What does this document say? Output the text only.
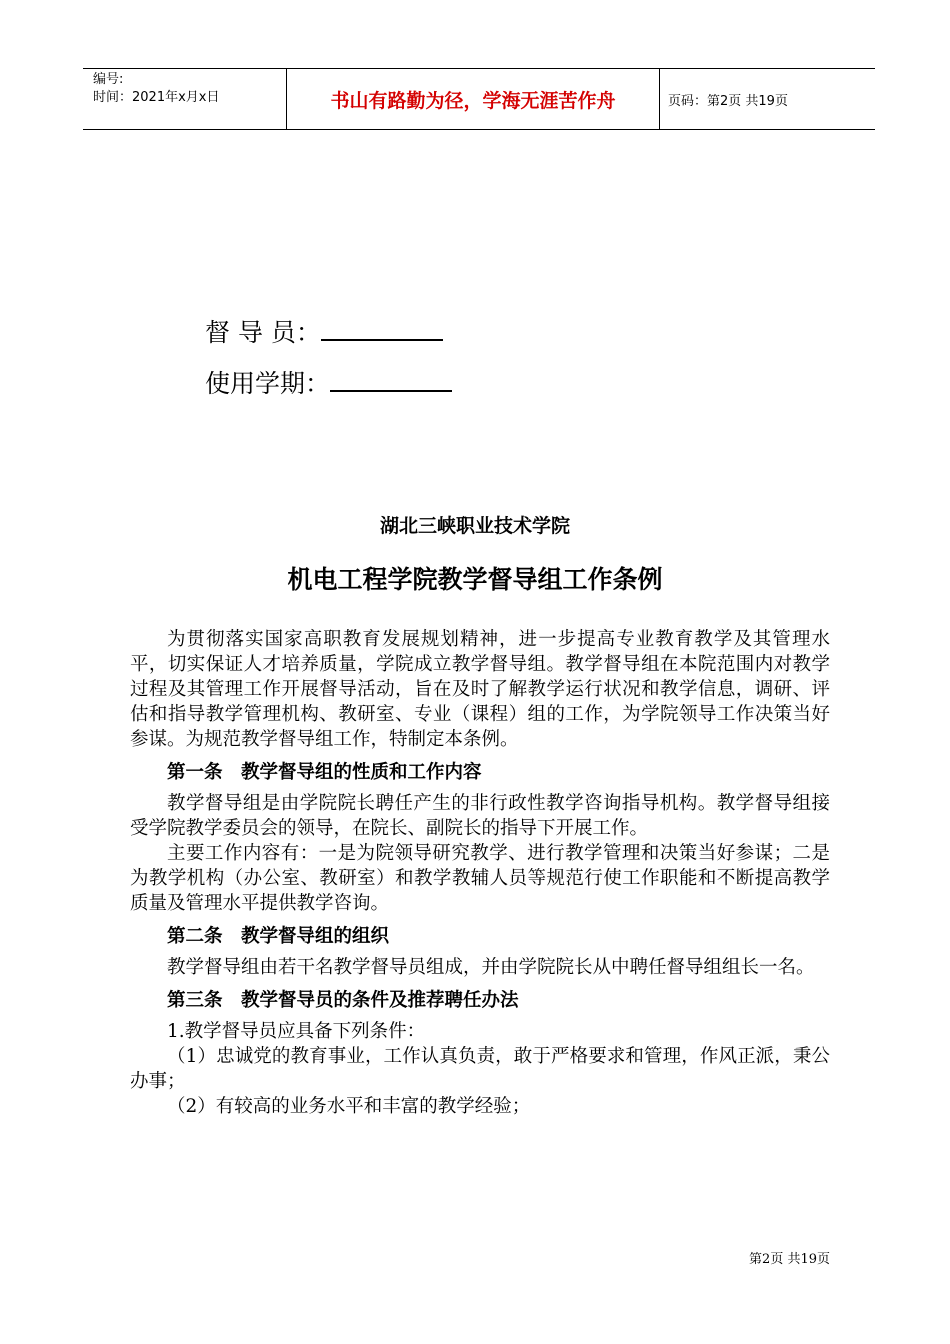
编号:
时间：2021年x月x日	书山有路勤为径，学海无涯苦作舟	页码：第2页 共19页
督 导 员：
使用学期：
湖北三峡职业技术学院
机电工程学院教学督导组工作条例

为贯彻落实国家高职教育发展规划精神，进一步提高专业教育教学及其管理水平，切实保证人才培养质量，学院成立教学督导组。教学督导组在本院范围内对教学过程及其管理工作开展督导活动，旨在及时了解教学运行状况和教学信息，调研、评估和指导教学管理机构、教研室、专业（课程）组的工作，为学院领导工作决策当好参谋。为规范教学督导组工作，特制定本条例。

第一条　教学督导组的性质和工作内容

教学督导组是由学院院长聘任产生的非行政性教学咨询指导机构。教学督导组接受学院教学委员会的领导，在院长、副院长的指导下开展工作。

主要工作内容有：一是为院领导研究教学、进行教学管理和决策当好参谋；二是为教学机构（办公室、教研室）和教学教辅人员等规范行使工作职能和不断提高教学质量及管理水平提供教学咨询。

第二条　教学督导组的组织

教学督导组由若干名教学督导员组成，并由学院院长从中聘任督导组组长一名。

第三条　教学督导员的条件及推荐聘任办法

1.教学督导员应具备下列条件：

（1）忠诚党的教育事业，工作认真负责，敢于严格要求和管理，作风正派，秉公办事；

（2）有较高的业务水平和丰富的教学经验；

第2页 共19页
